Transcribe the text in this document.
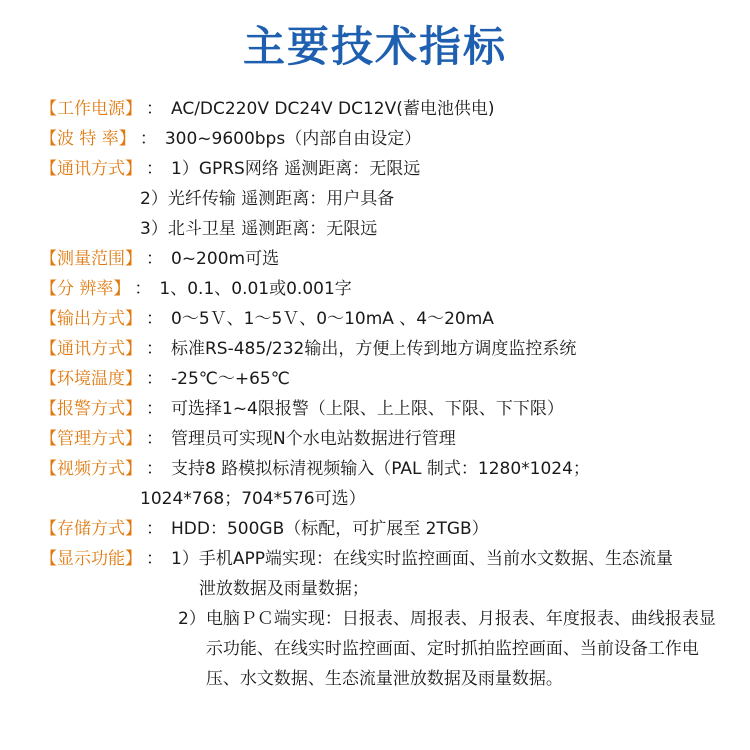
主要技术指标
【工作电源】 ： AC/DC220V DC24V DC12V(蓄电池供电)
【波 特 率】 ： 300~9600bps（内部自由设定）
【通讯方式】 ： 1）GPRS网络 遥测距离：无限远
2）光纤传输 遥测距离：用户具备
3）北斗卫星 遥测距离：无限远
【测量范围】 ： 0~200m可选
【分 辨率】 ： 1、0.1、0.01或0.001字
【输出方式】 ： 0～5Ｖ、1～5Ｖ、0～10mA 、4～20mA
【通讯方式】 ： 标准RS-485/232输出，方便上传到地方调度监控系统
【环境温度】 ： -25℃～+65℃
【报警方式】 ： 可选择1~4限报警（上限、上上限、下限、下下限）
【管理方式】 ： 管理员可实现N个水电站数据进行管理
【视频方式】 ： 支持8 路模拟标清视频输入（PAL 制式：1280*1024；
1024*768；704*576可选）
【存储方式】 ： HDD：500GB（标配，可扩展至 2TGB）
【显示功能】 ： 1） 手机APP端实现：在线实时监控画面、当前水文数据、生态流量泄放数据及雨量数据；
2） 电脑ＰＣ端实现：日报表、周报表、月报表、年度报表、曲线报表显示功能、在线实时监控画面、定时抓拍监控画面、当前设备工作电压、水文数据、生态流量泄放数据及雨量数据。
